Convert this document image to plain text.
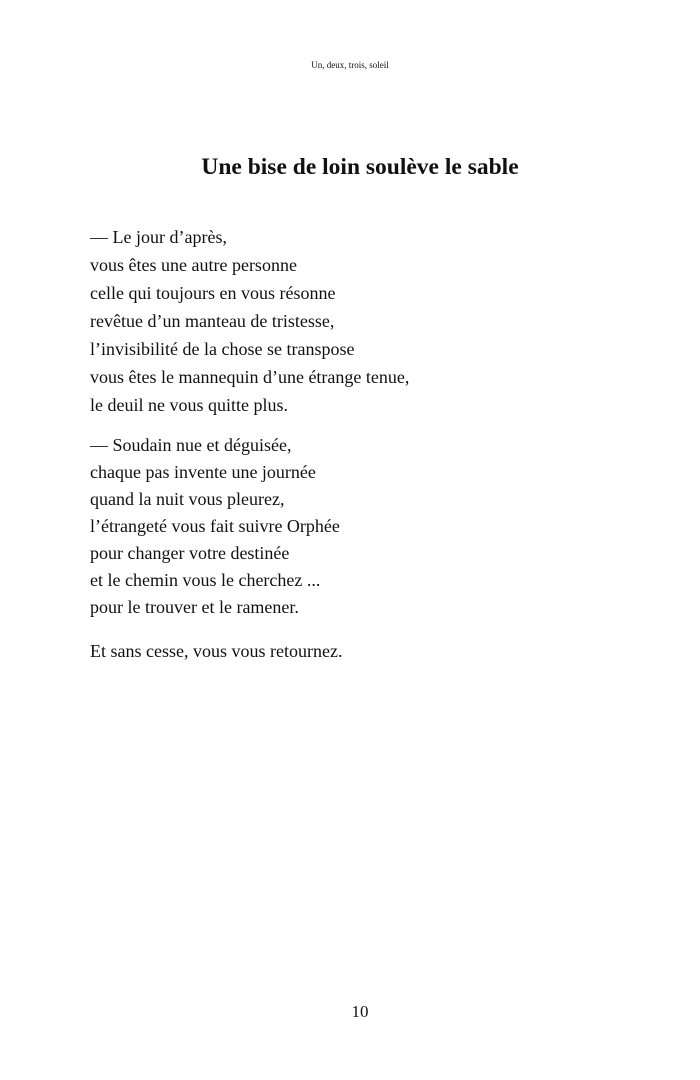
Un, deux, trois, soleil
Une bise de loin soulève le sable
— Le jour d’après,
vous êtes une autre personne
celle qui toujours en vous résonne
revêtue d’un manteau de tristesse,
l’invisibilité de la chose se transpose
vous êtes le mannequin d’une étrange tenue,
le deuil ne vous quitte plus.
— Soudain nue et déguisée,
chaque pas invente une journée
quand la nuit vous pleurez,
l’étrangeté vous fait suivre Orphée
pour changer votre destinée
et le chemin vous le cherchez ...
pour le trouver et le ramener.
Et sans cesse, vous vous retournez.
10
